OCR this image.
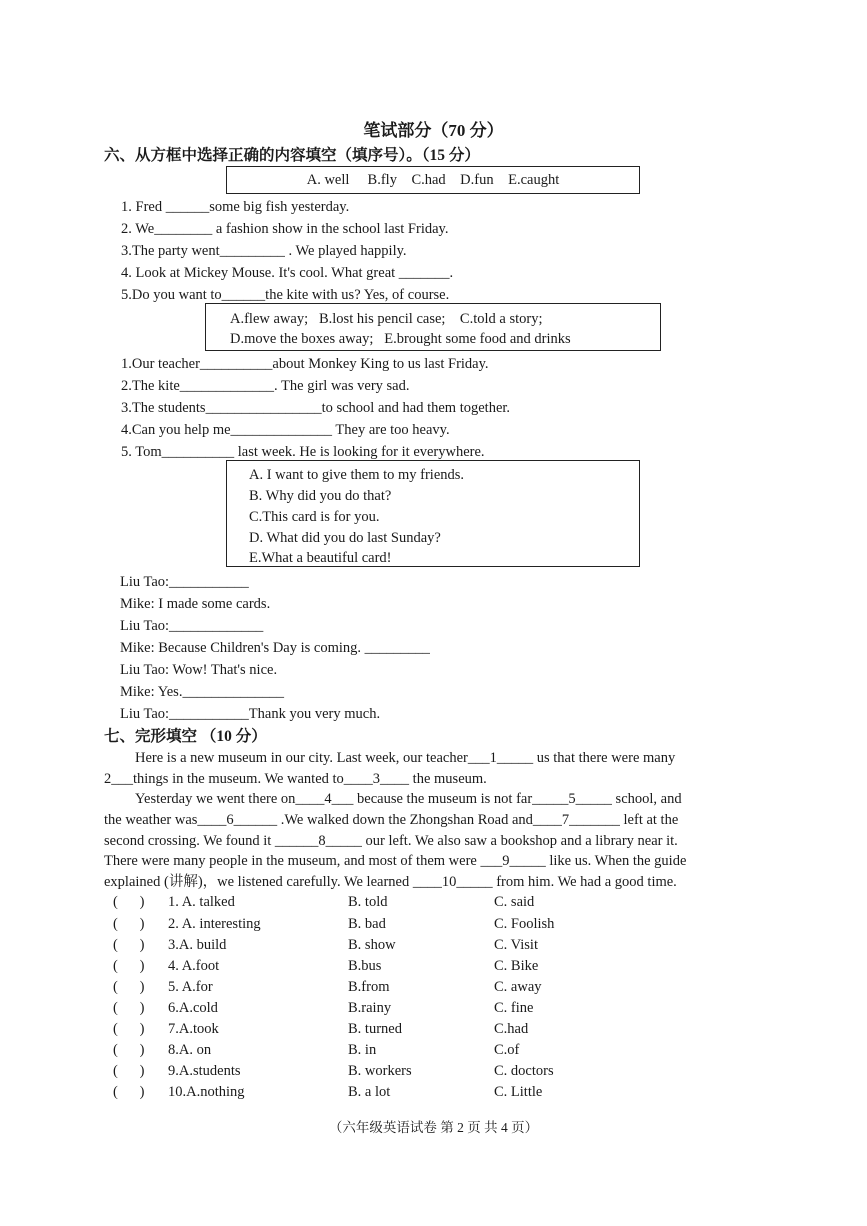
笔试部分（70 分）
六、从方框中选择正确的内容填空（填序号）。（15 分）
A. well     B.fly    C.had    D.fun    E.caught
1. Fred ______some big fish yesterday.
2. We________ a fashion show in the school last Friday.
3.The party went_________ . We played happily.
4. Look at Mickey Mouse. It's cool. What great _______.
5.Do you want to______the kite with us? Yes, of course.
A.flew away;   B.lost his pencil case;    C.told a story;
D.move the boxes away;   E.brought some food and drinks
1.Our teacher__________about Monkey King to us last Friday.
2.The kite_____________. The girl was very sad.
3.The students________________to school and had them together.
4.Can you help me______________ They are too heavy.
5. Tom__________ last week. He is looking for it everywhere.
A. I want to give them to my friends.
B. Why did you do that?
C.This card is for you.
D. What did you do last Sunday?
E.What a beautiful card!
Liu Tao:___________
Mike: I made some cards.
Liu Tao:_____________
Mike: Because Children's Day is coming. _________
Liu Tao: Wow! That's nice.
Mike: Yes.______________
Liu Tao:___________Thank you very much.
七、完形填空 （10 分）
Here is a new museum in our city. Last week, our teacher___1_____ us that there were many
2___things in the museum. We wanted to____3____ the museum.
Yesterday we went there on____4___ because the museum is not far_____5_____ school, and
the weather was____6______ .We walked down the Zhongshan Road and____7_______ left at the
second crossing. We found it ______8_____ our left. We also saw a bookshop and a library near it.
There were many people in the museum, and most of them were ___9_____ like us. When the guide
explained (讲解)，we listened carefully. We learned ____10_____ from him. We had a good time.
(      ) 1. A. talked	B. told	C. said
(      ) 2. A. interesting	B. bad	C. Foolish
(      ) 3.A. build	B. show	C. Visit
(      ) 4. A.foot	B.bus	C. Bike
(      ) 5. A.for	B.from	C. away
(      ) 6.A.cold	B.rainy	C. fine
(      ) 7.A.took	B. turned	C.had
(      ) 8.A. on	B. in	C.of
(      ) 9.A.students	B. workers	C. doctors
(      ) 10.A.nothing	B. a lot	C. Little
（六年级英语试卷 第 2 页 共 4 页）
